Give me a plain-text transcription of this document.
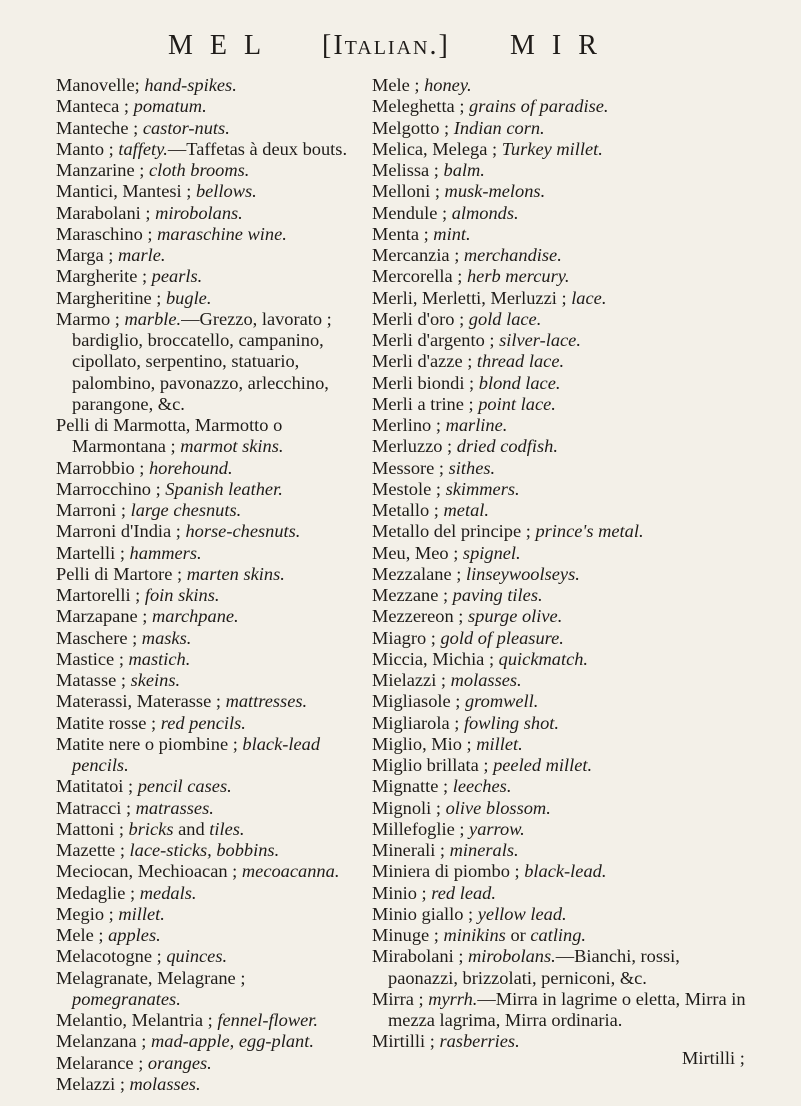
M E L [Italian.] M I R

Manovelle; hand-spikes.

Manteca ; pomatum.

Manteche ; castor-nuts.

Manto ; taffety.—Taffetas à deux bouts.

Manzarine ; cloth brooms.

Mantici, Mantesi ; bellows.

Marabolani ; mirobolans.

Maraschino ; maraschine wine.

Marga ; marle.

Margherite ; pearls.

Margheritine ; bugle.

Marmo ; marble.—Grezzo, lavorato ; bardiglio, broccatello, campanino, cipollato, serpentino, statuario, palombino, pavonazzo, arlecchino, parangone, &c.

Pelli di Marmotta, Marmotto o Marmontana ; marmot skins.

Marrobbio ; horehound.

Marrocchino ; Spanish leather.

Marroni ; large chesnuts.

Marroni d'India ; horse-chesnuts.

Martelli ; hammers.

Pelli di Martore ; marten skins.

Martorelli ; foin skins.

Marzapane ; marchpane.

Maschere ; masks.

Mastice ; mastich.

Matasse ; skeins.

Materassi, Materasse ; mattresses.

Matite rosse ; red pencils.

Matite nere o piombine ; black-lead pencils.

Matitatoi ; pencil cases.

Matracci ; matrasses.

Mattoni ; bricks and tiles.

Mazette ; lace-sticks, bobbins.

Meciocan, Mechioacan ; mecoacanna.

Medaglie ; medals.

Megio ; millet.

Mele ; apples.

Melacotogne ; quinces.

Melagranate, Melagrane ; pomegranates.

Melantio, Melantria ; fennel-flower.

Melanzana ; mad-apple, egg-plant.

Melarance ; oranges.

Melazzi ; molasses.

Mele ; honey.

Meleghetta ; grains of paradise.

Melgotto ; Indian corn.

Melica, Melega ; Turkey millet.

Melissa ; balm.

Melloni ; musk-melons.

Mendule ; almonds.

Menta ; mint.

Mercanzia ; merchandise.

Mercorella ; herb mercury.

Merli, Merletti, Merluzzi ; lace.

Merli d'oro ; gold lace.

Merli d'argento ; silver-lace.

Merli d'azze ; thread lace.

Merli biondi ; blond lace.

Merli a trine ; point lace.

Merlino ; marline.

Merluzzo ; dried codfish.

Messore ; sithes.

Mestole ; skimmers.

Metallo ; metal.

Metallo del principe ; prince's metal.

Meu, Meo ; spignel.

Mezzalane ; linseywoolseys.

Mezzane ; paving tiles.

Mezzereon ; spurge olive.

Miagro ; gold of pleasure.

Miccia, Michia ; quickmatch.

Mielazzi ; molasses.

Migliasole ; gromwell.

Migliarola ; fowling shot.

Miglio, Mio ; millet.

Miglio brillata ; peeled millet.

Mignatte ; leeches.

Mignoli ; olive blossom.

Millefoglie ; yarrow.

Minerali ; minerals.

Miniera di piombo ; black-lead.

Minio ; red lead.

Minio giallo ; yellow lead.

Minuge ; minikins or catling.

Mirabolani ; mirobolans.—Bianchi, rossi, paonazzi, brizzolati, perniconi, &c.

Mirra ; myrrh.—Mirra in lagrime o eletta, Mirra in mezza lagrima, Mirra ordinaria.

Mirtilli ; rasberries.

Mirtilli ;
